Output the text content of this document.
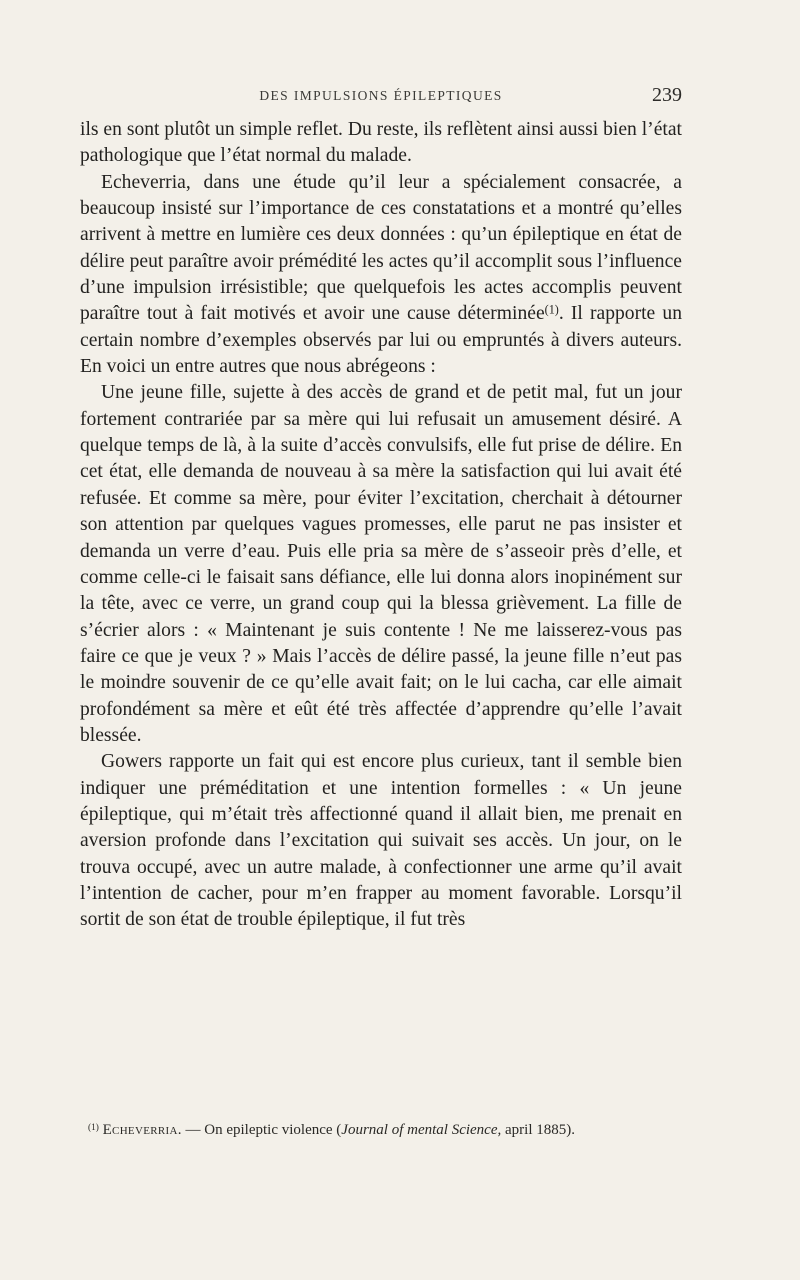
DES IMPULSIONS ÉPILEPTIQUES	239

ils en sont plutôt un simple reflet. Du reste, ils reflètent ainsi aussi bien l’état pathologique que l’état normal du malade.

Echeverria, dans une étude qu’il leur a spécialement consacrée, a beaucoup insisté sur l’importance de ces constatations et a montré qu’elles arrivent à mettre en lumière ces deux données : qu’un épileptique en état de délire peut paraître avoir prémédité les actes qu’il accomplit sous l’influence d’une impulsion irrésistible; que quelquefois les actes accomplis peuvent paraître tout à fait motivés et avoir une cause déterminée$^{(1)}$. Il rapporte un certain nombre d’exemples observés par lui ou empruntés à divers auteurs. En voici un entre autres que nous abrégeons :

Une jeune fille, sujette à des accès de grand et de petit mal, fut un jour fortement contrariée par sa mère qui lui refusait un amusement désiré. A quelque temps de là, à la suite d’accès convulsifs, elle fut prise de délire. En cet état, elle demanda de nouveau à sa mère la satisfaction qui lui avait été refusée. Et comme sa mère, pour éviter l’excitation, cherchait à détourner son attention par quelques vagues promesses, elle parut ne pas insister et demanda un verre d’eau. Puis elle pria sa mère de s’asseoir près d’elle, et comme celle-ci le faisait sans défiance, elle lui donna alors inopinément sur la tête, avec ce verre, un grand coup qui la blessa grièvement. La fille de s’écrier alors : « Maintenant je suis contente ! Ne me laisserez-vous pas faire ce que je veux ? » Mais l’accès de délire passé, la jeune fille n’eut pas le moindre souvenir de ce qu’elle avait fait; on le lui cacha, car elle aimait profondément sa mère et eût été très affectée d’apprendre qu’elle l’avait blessée.

Gowers rapporte un fait qui est encore plus curieux, tant il semble bien indiquer une préméditation et une intention formelles : « Un jeune épileptique, qui m’était très affectionné quand il allait bien, me prenait en aversion profonde dans l’excitation qui suivait ses accès. Un jour, on le trouva occupé, avec un autre malade, à confectionner une arme qu’il avait l’intention de cacher, pour m’en frapper au moment favorable. Lorsqu’il sortit de son état de trouble épileptique, il fut très

$^{(1)}$ Echeverria. — On epileptic violence (Journal of mental Science, april 1885).
